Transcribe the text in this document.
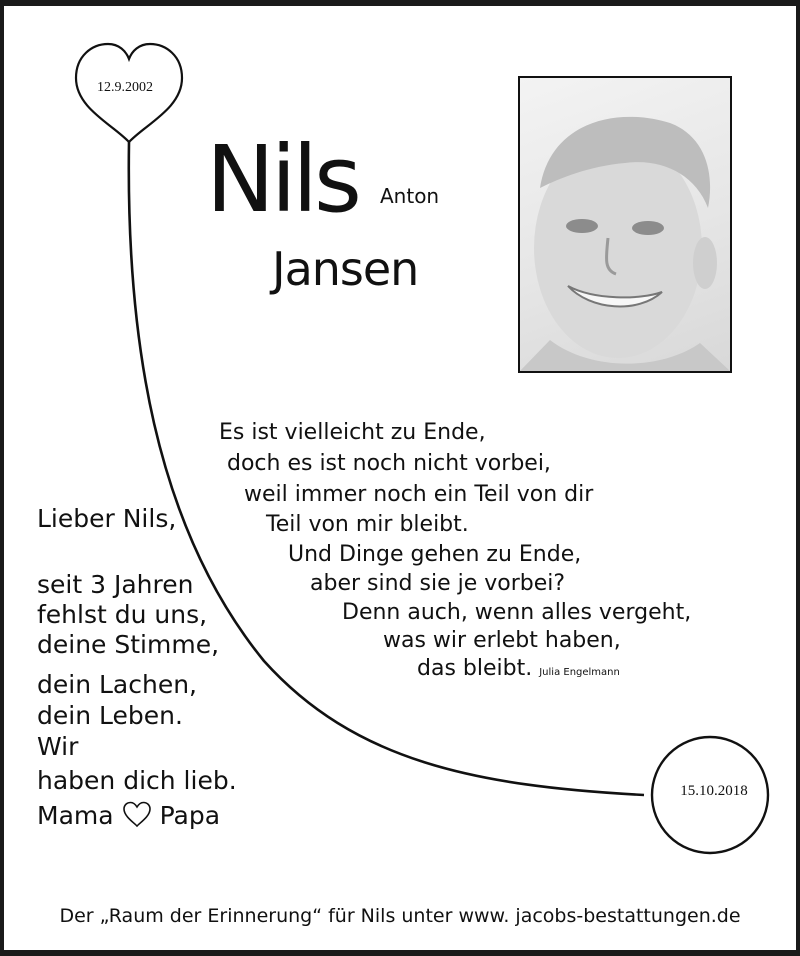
12.9.2002
15.10.2018
Nils Anton
Jansen
Es ist vielleicht zu Ende,
doch es ist noch nicht vorbei,
weil immer noch ein Teil von dir
Teil von mir bleibt.
Und Dinge gehen zu Ende,
aber sind sie je vorbei?
Denn auch, wenn alles vergeht,
was wir erlebt haben,
das bleibt. Julia Engelmann
Lieber Nils,
seit 3 Jahren
fehlst du uns,
deine Stimme,
dein Lachen,
dein Leben.
Wir
haben dich lieb.
Mama Papa
Der „Raum der Erinnerung“ für Nils unter www. jacobs-bestattungen.de
